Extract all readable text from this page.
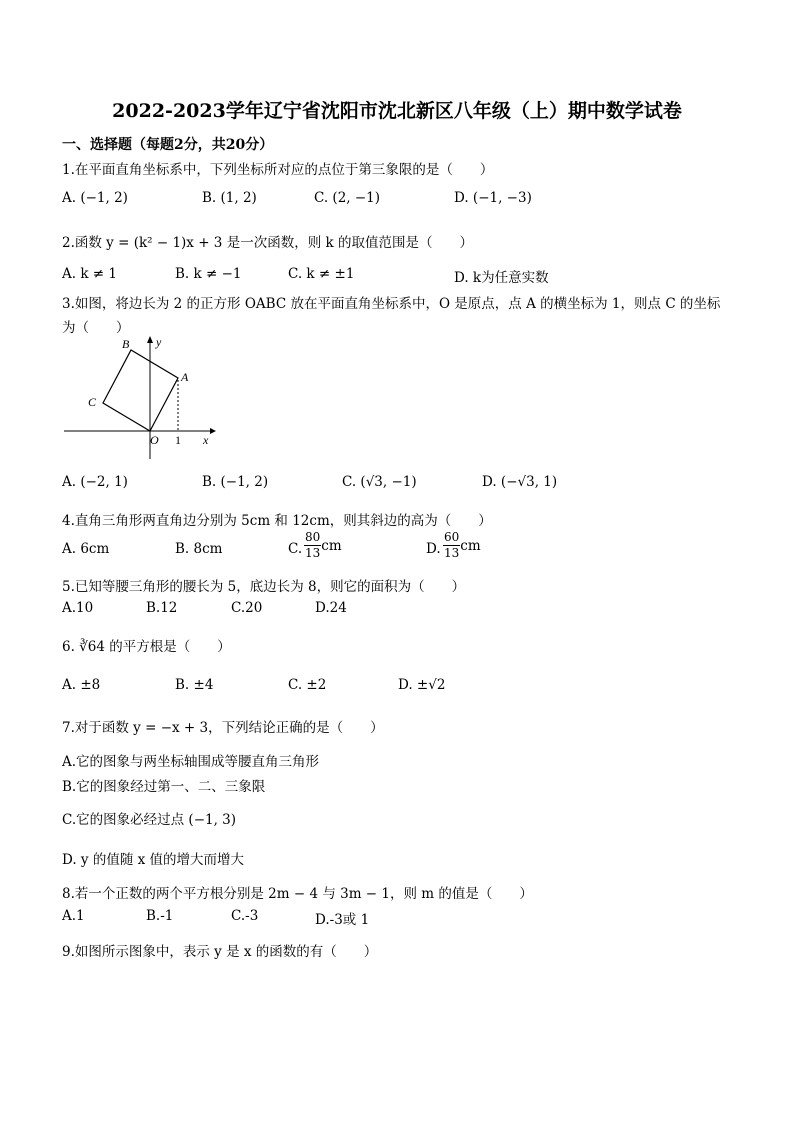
2022-2023学年辽宁省沈阳市沈北新区八年级（上）期中数学试卷
一、选择题（每题2分，共20分）
1.在平面直角坐标系中，下列坐标所对应的点位于第三象限的是（　　）
A. (−1, 2)	B. (1, 2)	C. (2, −1)	D. (−1, −3)
2.函数 y = (k² − 1)x + 3 是一次函数，则 k 的取值范围是（　　）
A. k ≠ 1	B. k ≠ −1	C. k ≠ ±1	D. k为任意实数
3.如图，将边长为 2 的正方形 OABC 放在平面直角坐标系中，O 是原点，点 A 的横坐标为 1，则点 C 的坐标
为（　　）
B y
A
C
O 1 x
A. (−2, 1)	B. (−1, 2)	C. (√3, −1)	D. (−√3, 1)
4.直角三角形两直角边分别为 5cm 和 12cm，则其斜边的高为（　　）
A. 6cm	B. 8cm	C. $\frac{80}{13}$ cm	D. $\frac{60}{13}$ cm
5.已知等腰三角形的腰长为 5，底边长为 8，则它的面积为（　　）
A.10	B.12	C.20	D.24
6. ∛64 的平方根是（　　）
A. ±8	B. ±4	C. ±2	D. ±√2
7.对于函数 y = −x + 3，下列结论正确的是（　　）
A.它的图象与两坐标轴围成等腰直角三角形
B.它的图象经过第一、二、三象限
C.它的图象必经过点 (−1, 3)
D. y 的值随 x 值的增大而增大
8.若一个正数的两个平方根分别是 2m − 4 与 3m − 1，则 m 的值是（　　）
A.1	B.-1	C.-3	D.-3或 1
9.如图所示图象中，表示 y 是 x 的函数的有（　　）
